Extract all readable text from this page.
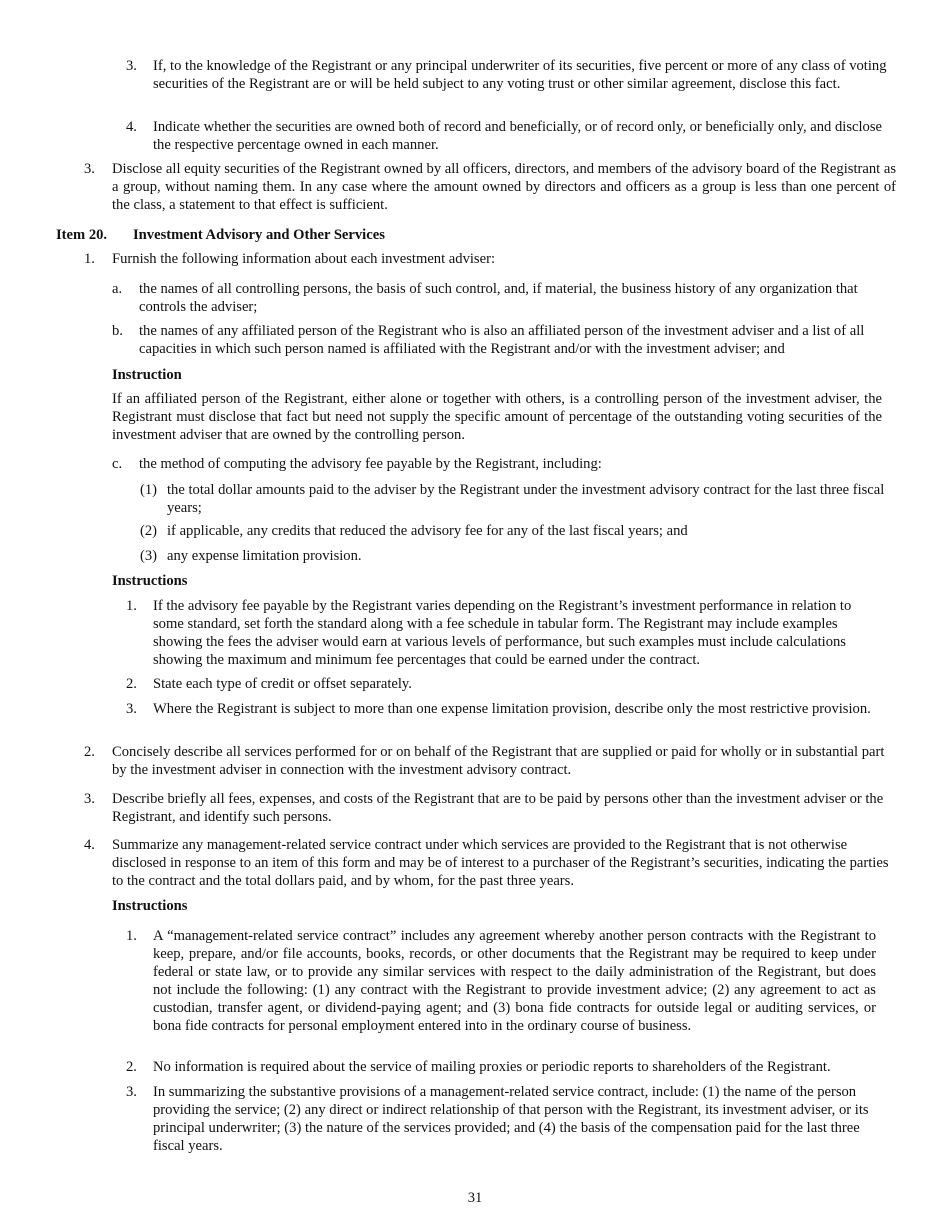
3.	If, to the knowledge of the Registrant or any principal underwriter of its securities, five percent or more of any class of voting securities of the Registrant are or will be held subject to any voting trust or other similar agreement, disclose this fact.
4.	Indicate whether the securities are owned both of record and beneficially, or of record only, or beneficially only, and disclose the respective percentage owned in each manner.
3.	Disclose all equity securities of the Registrant owned by all officers, directors, and members of the advisory board of the Registrant as a group, without naming them. In any case where the amount owned by directors and officers as a group is less than one percent of the class, a statement to that effect is sufficient.
Item 20.	Investment Advisory and Other Services
1.	Furnish the following information about each investment adviser:
a.	the names of all controlling persons, the basis of such control, and, if material, the business history of any organization that controls the adviser;
b.	the names of any affiliated person of the Registrant who is also an affiliated person of the investment adviser and a list of all capacities in which such person named is affiliated with the Registrant and/or with the investment adviser; and
Instruction
If an affiliated person of the Registrant, either alone or together with others, is a controlling person of the investment adviser, the Registrant must disclose that fact but need not supply the specific amount of percentage of the outstanding voting securities of the investment adviser that are owned by the controlling person.
c.	the method of computing the advisory fee payable by the Registrant, including:
(1) the total dollar amounts paid to the adviser by the Registrant under the investment advisory contract for the last three fiscal years;
(2) if applicable, any credits that reduced the advisory fee for any of the last fiscal years; and
(3) any expense limitation provision.
Instructions
1.	If the advisory fee payable by the Registrant varies depending on the Registrant’s investment performance in relation to some standard, set forth the standard along with a fee schedule in tabular form. The Registrant may include examples showing the fees the adviser would earn at various levels of performance, but such examples must include calculations showing the maximum and minimum fee percentages that could be earned under the contract.
2.	State each type of credit or offset separately.
3.	Where the Registrant is subject to more than one expense limitation provision, describe only the most restrictive provision.
2.	Concisely describe all services performed for or on behalf of the Registrant that are supplied or paid for wholly or in substantial part by the investment adviser in connection with the investment advisory contract.
3.	Describe briefly all fees, expenses, and costs of the Registrant that are to be paid by persons other than the investment adviser or the Registrant, and identify such persons.
4.	Summarize any management-related service contract under which services are provided to the Registrant that is not otherwise disclosed in response to an item of this form and may be of interest to a purchaser of the Registrant’s securities, indicating the parties to the contract and the total dollars paid, and by whom, for the past three years.
Instructions
1.	A “management-related service contract” includes any agreement whereby another person contracts with the Registrant to keep, prepare, and/or file accounts, books, records, or other documents that the Registrant may be required to keep under federal or state law, or to provide any similar services with respect to the daily administration of the Registrant, but does not include the following: (1) any contract with the Registrant to provide investment advice; (2) any agreement to act as custodian, transfer agent, or dividend-paying agent; and (3) bona fide contracts for outside legal or auditing services, or bona fide contracts for personal employment entered into in the ordinary course of business.
2.	No information is required about the service of mailing proxies or periodic reports to shareholders of the Registrant.
3.	In summarizing the substantive provisions of a management-related service contract, include: (1) the name of the person providing the service; (2) any direct or indirect relationship of that person with the Registrant, its investment adviser, or its principal underwriter; (3) the nature of the services provided; and (4) the basis of the compensation paid for the last three fiscal years.
31
